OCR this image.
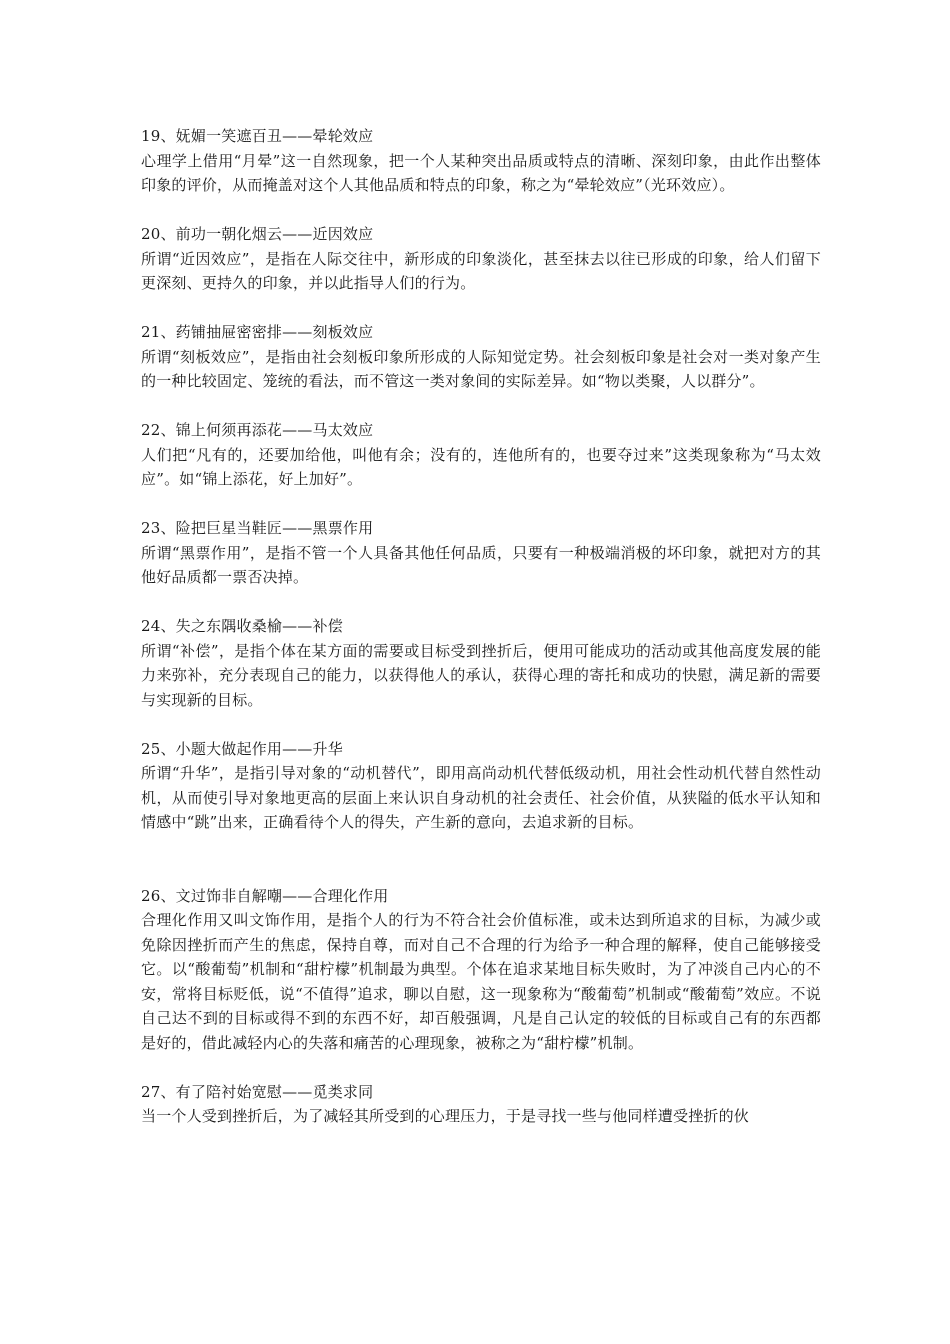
19、妩媚一笑遮百丑——晕轮效应
心理学上借用“月晕”这一自然现象，把一个人某种突出品质或特点的清晰、深刻印象，由此作出整体印象的评价，从而掩盖对这个人其他品质和特点的印象，称之为“晕轮效应”（光环效应）。
20、前功一朝化烟云——近因效应
所谓“近因效应”，是指在人际交往中，新形成的印象淡化，甚至抹去以往已形成的印象，给人们留下更深刻、更持久的印象，并以此指导人们的行为。
21、药铺抽屉密密排——刻板效应
所谓“刻板效应”，是指由社会刻板印象所形成的人际知觉定势。社会刻板印象是社会对一类对象产生的一种比较固定、笼统的看法，而不管这一类对象间的实际差异。如“物以类聚，人以群分”。
22、锦上何须再添花——马太效应
人们把“凡有的，还要加给他，叫他有余；没有的，连他所有的，也要夺过来”这类现象称为“马太效应”。如“锦上添花，好上加好”。
23、险把巨星当鞋匠——黑票作用
所谓“黑票作用”，是指不管一个人具备其他任何品质，只要有一种极端消极的坏印象，就把对方的其他好品质都一票否决掉。
24、失之东隅收桑榆——补偿
所谓“补偿”，是指个体在某方面的需要或目标受到挫折后，便用可能成功的活动或其他高度发展的能力来弥补，充分表现自己的能力，以获得他人的承认，获得心理的寄托和成功的快慰，满足新的需要与实现新的目标。
25、小题大做起作用——升华
所谓“升华”，是指引导对象的“动机替代”，即用高尚动机代替低级动机，用社会性动机代替自然性动机，从而使引导对象地更高的层面上来认识自身动机的社会责任、社会价值，从狭隘的低水平认知和情感中“跳”出来，正确看待个人的得失，产生新的意向，去追求新的目标。
26、文过饰非自解嘲——合理化作用
合理化作用又叫文饰作用，是指个人的行为不符合社会价值标准，或未达到所追求的目标，为减少或免除因挫折而产生的焦虑，保持自尊，而对自己不合理的行为给予一种合理的解释，使自己能够接受它。以“酸葡萄”机制和“甜柠檬”机制最为典型。个体在追求某地目标失败时，为了冲淡自己内心的不安，常将目标贬低，说“不值得”追求，聊以自慰，这一现象称为“酸葡萄”机制或“酸葡萄”效应。不说自己达不到的目标或得不到的东西不好，却百般强调，凡是自己认定的较低的目标或自己有的东西都是好的，借此减轻内心的失落和痛苦的心理现象，被称之为“甜柠檬”机制。
27、有了陪衬始宽慰——觅类求同
当一个人受到挫折后，为了减轻其所受到的心理压力，于是寻找一些与他同样遭受挫折的伙
